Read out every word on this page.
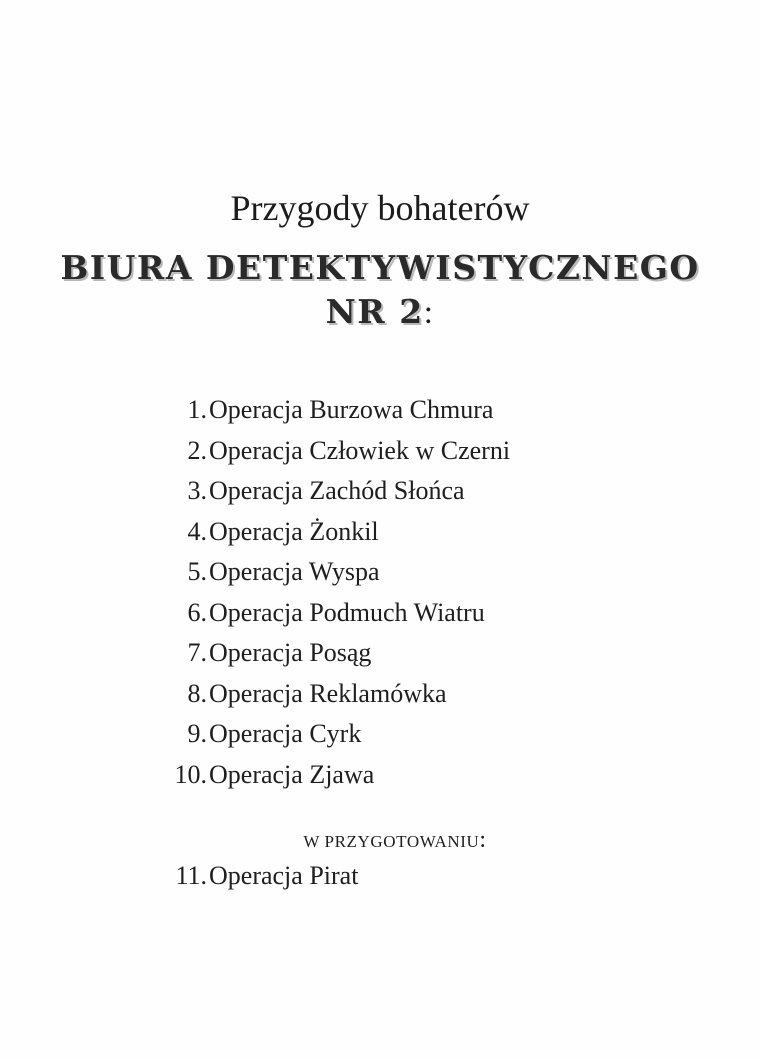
Przygody bohaterów
BIURA DETEKTYWISTYCZNEGO
NR 2:
1. Operacja Burzowa Chmura
2. Operacja Człowiek w Czerni
3. Operacja Zachód Słońca
4. Operacja Żonkil
5. Operacja Wyspa
6. Operacja Podmuch Wiatru
7. Operacja Posąg
8. Operacja Reklamówka
9. Operacja Cyrk
10. Operacja Zjawa
W PRZYGOTOWANIU:
11. Operacja Pirat
